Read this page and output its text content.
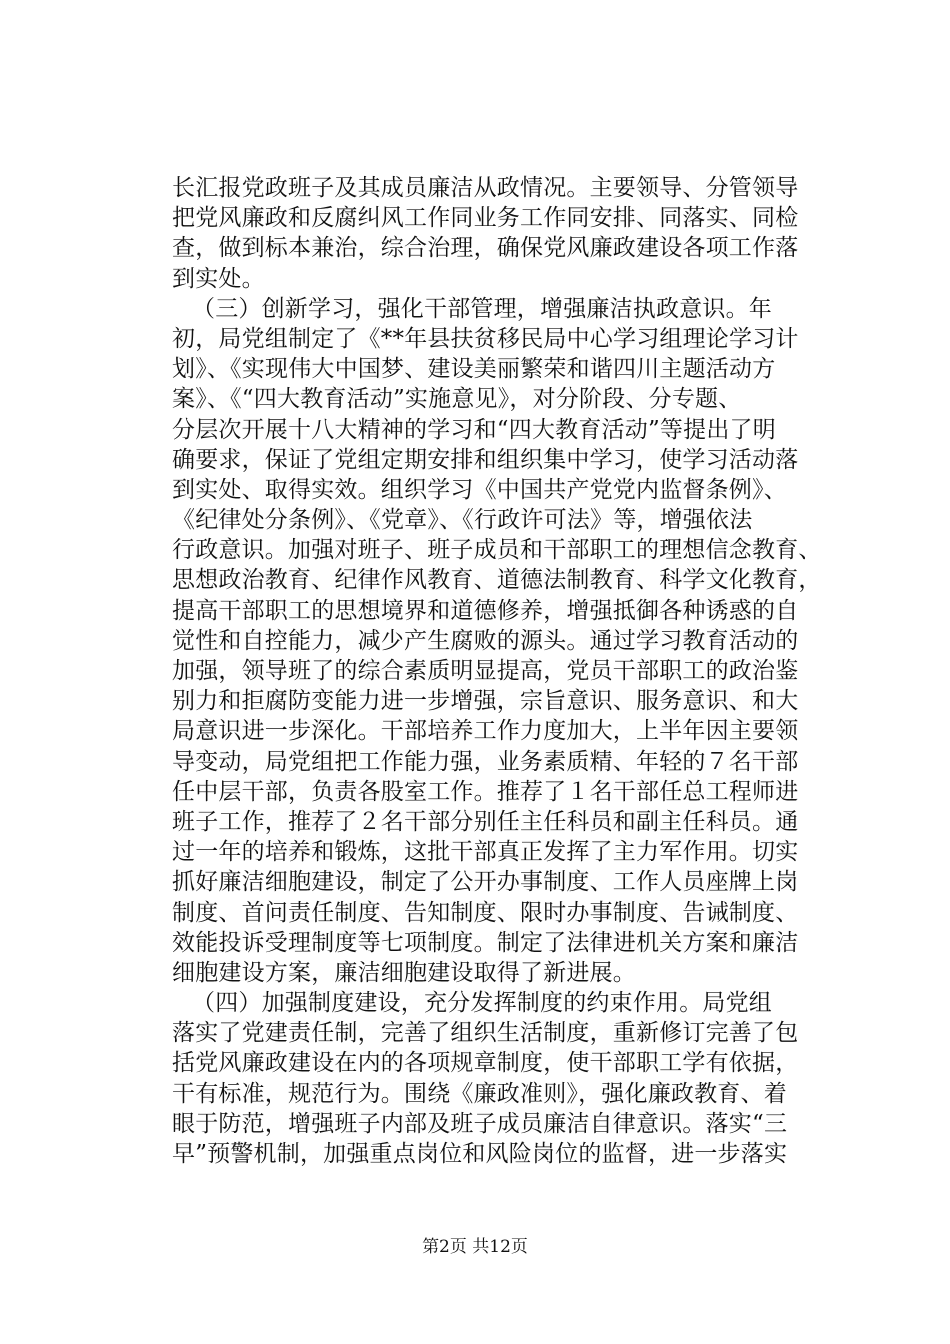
长汇报党政班子及其成员廉洁从政情况。主要领导、分管领导
把党风廉政和反腐纠风工作同业务工作同安排、同落实、同检
查，做到标本兼治，综合治理，确保党风廉政建设各项工作落
到实处。
（三）创新学习，强化干部管理，增强廉洁执政意识。年
初，局党组制定了《**年县扶贫移民局中心学习组理论学习计
划》、《实现伟大中国梦、建设美丽繁荣和谐四川主题活动方
案》、《“四大教育活动”实施意见》，对分阶段、分专题、
分层次开展十八大精神的学习和“四大教育活动”等提出了明
确要求，保证了党组定期安排和组织集中学习，使学习活动落
到实处、取得实效。组织学习《中国共产党党内监督条例》、
《纪律处分条例》、《党章》、《行政许可法》等，增强依法
行政意识。加强对班子、班子成员和干部职工的理想信念教育、
思想政治教育、纪律作风教育、道德法制教育、科学文化教育，
提高干部职工的思想境界和道德修养，增强抵御各种诱惑的自
觉性和自控能力，减少产生腐败的源头。通过学习教育活动的
加强，领导班了的综合素质明显提高，党员干部职工的政治鉴
别力和拒腐防变能力进一步增强，宗旨意识、服务意识、和大
局意识进一步深化。干部培养工作力度加大，上半年因主要领
导变动，局党组把工作能力强，业务素质精、年轻的７名干部
任中层干部，负责各股室工作。推荐了１名干部任总工程师进
班子工作，推荐了２名干部分别任主任科员和副主任科员。通
过一年的培养和锻炼，这批干部真正发挥了主力军作用。切实
抓好廉洁细胞建设，制定了公开办事制度、工作人员座牌上岗
制度、首问责任制度、告知制度、限时办事制度、告诫制度、
效能投诉受理制度等七项制度。制定了法律进机关方案和廉洁
细胞建设方案，廉洁细胞建设取得了新进展。
（四）加强制度建设，充分发挥制度的约束作用。局党组
落实了党建责任制，完善了组织生活制度，重新修订完善了包
括党风廉政建设在内的各项规章制度，使干部职工学有依据，
干有标准，规范行为。围绕《廉政准则》，强化廉政教育、着
眼于防范，增强班子内部及班子成员廉洁自律意识。落实“三
早”预警机制，加强重点岗位和风险岗位的监督，进一步落实
第2页 共12页
